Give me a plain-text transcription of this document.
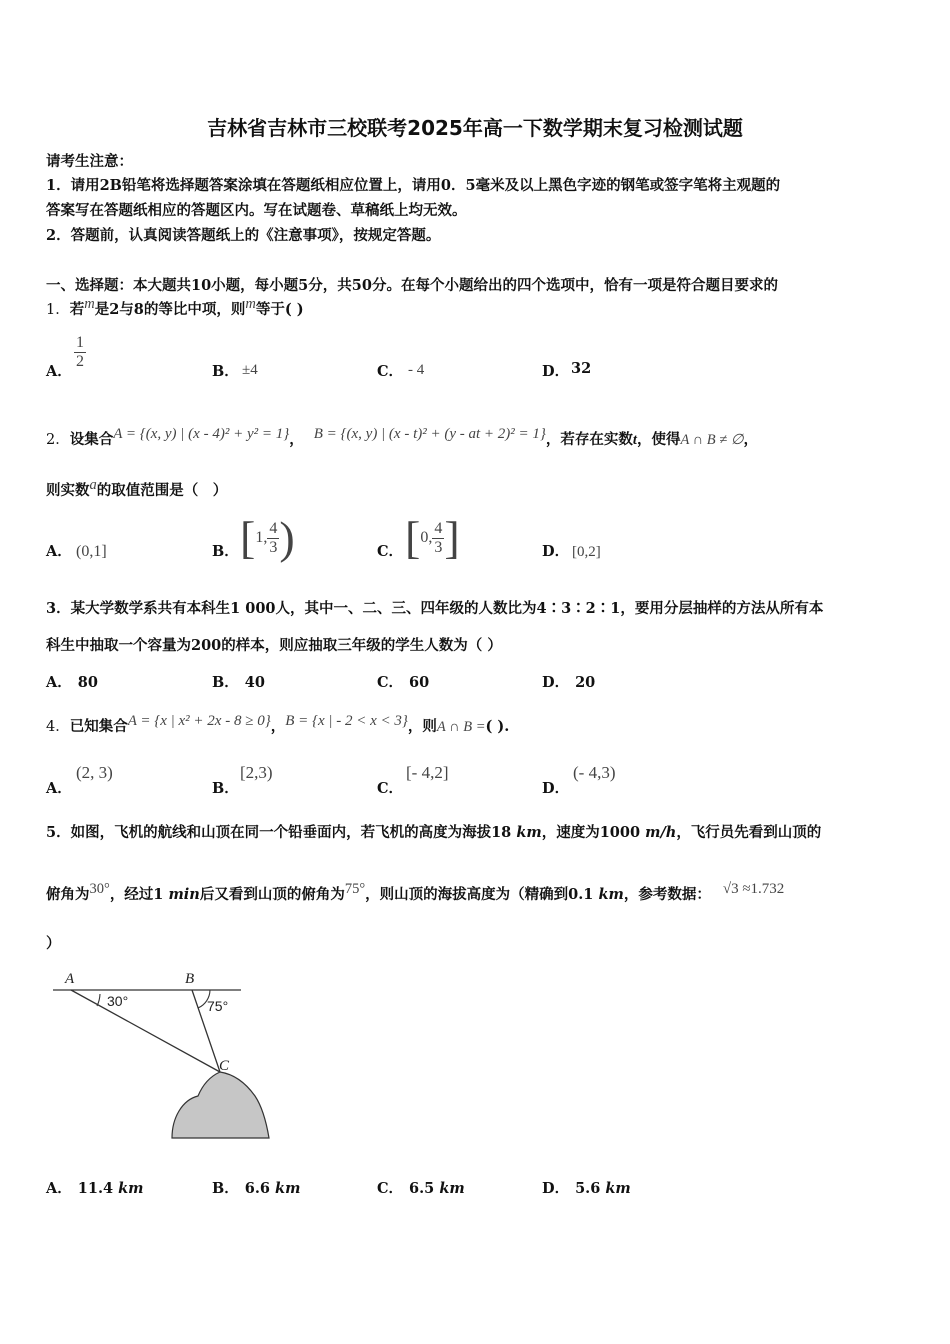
吉林省吉林市三校联考2025年高一下数学期末复习检测试题
请考生注意：
1．请用2B铅笔将选择题答案涂填在答题纸相应位置上，请用0．5毫米及以上黑色字迹的钢笔或签字笔将主观题的
答案写在答题纸相应的答题区内。写在试题卷、草稿纸上均无效。
2．答题前，认真阅读答题纸上的《注意事项》，按规定答题。
一、选择题：本大题共10小题，每小题5分，共50分。在每个小题给出的四个选项中，恰有一项是符合题目要求的
1．若m是2与8的等比中项，则m等于( )
A．
$\frac{1}{2}$
B． ±4	C． - 4	D． 32
2．设集合A = {(x, y) | (x - 4)² + y² = 1}， B = {(x, y) | (x - t)² + (y - at + 2)² = 1}，若存在实数t，使得A ∩ B ≠ ∅，
则实数a的取值范围是（　）
A． (0,1]	B． [1, $\frac{4}{3}$ )	C． [0, $\frac{4}{3}$ ]	D． [0,2]
3．某大学数学系共有本科生1 000人，其中一、二、三、四年级的人数比为4∶3∶2∶1，要用分层抽样的方法从所有本
科生中抽取一个容量为200的样本，则应抽取三年级的学生人数为（ ）
A． 80	B． 40	C． 60	D． 20
4．已知集合A = {x | x² + 2x - 8 ≥ 0}，B = {x | - 2 < x < 3}，则A ∩ B =( ).
A．
(2, 3)
B．
[2,3)
C．
[- 4,2]
D．
(- 4,3)
5．如图，飞机的航线和山顶在同一个铅垂面内，若飞机的高度为海拔18 km，速度为1000 m/h，飞行员先看到山顶的
俯角为30°，经过1 min后又看到山顶的俯角为75°，则山顶的海拔高度为（精确到0.1 km，参考数据： √3 ≈1.732
）
A	B
C
30°	75°
A． 11.4 km	B． 6.6 km	C． 6.5 km	D． 5.6 km
